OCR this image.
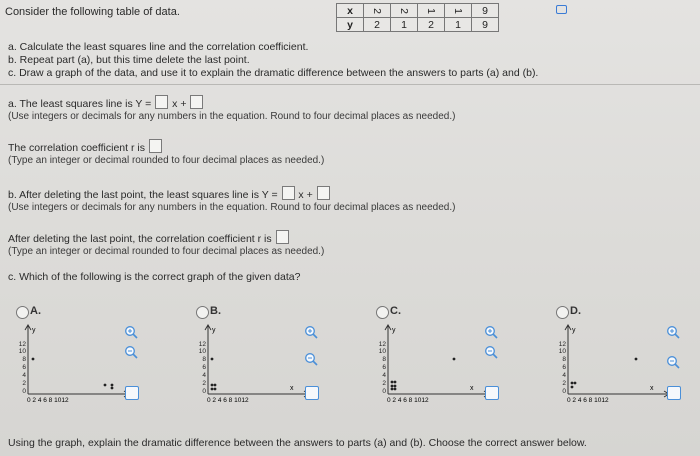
Consider the following table of data.	x	2	2	1	1	9
y	2	1	2	1	9
a. Calculate the least squares line and the correlation coefficient.
b. Repeat part (a), but this time delete the last point.
c. Draw a graph of the data, and use it to explain the dramatic difference between the answers to parts (a) and (b).
a. The least squares line is Y = x +
(Use integers or decimals for any numbers in the equation. Round to four decimal places as needed.)
The correlation coefficient r is
(Type an integer or decimal rounded to four decimal places as needed.)
b. After deleting the last point, the least squares line is Y = x +
(Use integers or decimals for any numbers in the equation. Round to four decimal places as needed.)
After deleting the last point, the correlation coefficient r is
(Type an integer or decimal rounded to four decimal places as needed.)
c. Which of the following is the correct graph of the given data?
A.	B.	C.	D.
y
12
10
8
6
4
2
0
0 2 4 6 8 1012
y
x
12
10
8
6
4
2
0
0 2 4 6 8 1012
y
x
12
10
8
6
4
2
0
0 2 4 6 8 1012
y
x
12
10
8
6
4
2
0
0 2 4 6 8 1012
Using the graph, explain the dramatic difference between the answers to parts (a) and (b). Choose the correct answer below.
